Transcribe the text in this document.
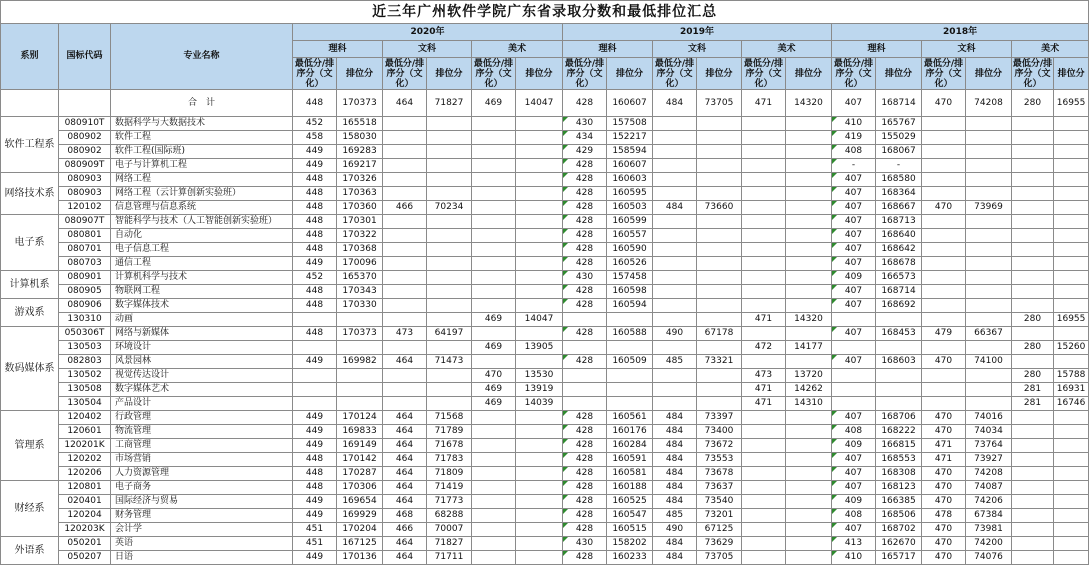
近三年广州软件学院广东省录取分数和最低排位汇总																				
系别	国标代码	专业名称	2020年						2019年						2018年					
			理科		文科		美术		理科		文科		美术		理科		文科		美术	
			最低分/排序分（文化）	排位分	最低分/排序分（文化）	排位分	最低分/排序分（文化）	排位分	最低分/排序分（文化）	排位分	最低分/排序分（文化）	排位分	最低分/排序分（文化）	排位分	最低分/排序分（文化）	排位分	最低分/排序分（文化）	排位分	最低分/排序分（文化）	排位分
		合　计	448	170373	464	71827	469	14047	428	160607	484	73705	471	14320	407	168714	470	74208	280	16955
软件工程系	080910T	数据科学与大数据技术	452	165518					430	157508					410	165767				
	080902	软件工程	458	158030					434	152217					419	155029				
	080902	软件工程(国际班)	449	169283					429	158594					408	168067				
	080909T	电子与计算机工程	449	169217					428	160607					-	-				
网络技术系	080903	网络工程	448	170326					428	160603					407	168580				
	080903	网络工程（云计算创新实验班）	448	170363					428	160595					407	168364				
	120102	信息管理与信息系统	448	170360	466	70234			428	160503	484	73660			407	168667	470	73969		
电子系	080907T	智能科学与技术（人工智能创新实验班）	448	170301					428	160599					407	168713				
	080801	自动化	448	170322					428	160557					407	168640				
	080701	电子信息工程	448	170368					428	160590					407	168642				
	080703	通信工程	449	170096					428	160526					407	168678				
计算机系	080901	计算机科学与技术	452	165370					430	157458					409	166573				
	080905	物联网工程	448	170343					428	160598					407	168714				
游戏系	080906	数字媒体技术	448	170330					428	160594					407	168692				
	130310	动画					469	14047					471	14320					280	16955
数码媒体系	050306T	网络与新媒体	448	170373	473	64197			428	160588	490	67178			407	168453	479	66367		
	130503	环境设计					469	13905					472	14177					280	15260
	082803	风景园林	449	169982	464	71473			428	160509	485	73321			407	168603	470	74100		
	130502	视觉传达设计					470	13530					473	13720					280	15788
	130508	数字媒体艺术					469	13919					471	14262					281	16931
	130504	产品设计					469	14039					471	14310					281	16746
管理系	120402	行政管理	449	170124	464	71568			428	160561	484	73397			407	168706	470	74016		
	120601	物流管理	449	169833	464	71789			428	160176	484	73400			408	168222	470	74034		
	120201K	工商管理	449	169149	464	71678			428	160284	484	73672			409	166815	471	73764		
	120202	市场营销	448	170142	464	71783			428	160591	484	73553			407	168553	471	73927		
	120206	人力资源管理	448	170287	464	71809			428	160581	484	73678			407	168308	470	74208		
财经系	120801	电子商务	448	170306	464	71419			428	160188	484	73637			407	168123	470	74087		
	020401	国际经济与贸易	449	169654	464	71773			428	160525	484	73540			409	166385	470	74206		
	120204	财务管理	449	169929	468	68288			428	160547	485	73201			408	168506	478	67384		
	120203K	会计学	451	170204	466	70007			428	160515	490	67125			407	168702	470	73981		
外语系	050201	英语	451	167125	464	71827			430	158202	484	73629			413	162670	470	74200		
	050207	日语	449	170136	464	71711			428	160233	484	73705			410	165717	470	74076		
